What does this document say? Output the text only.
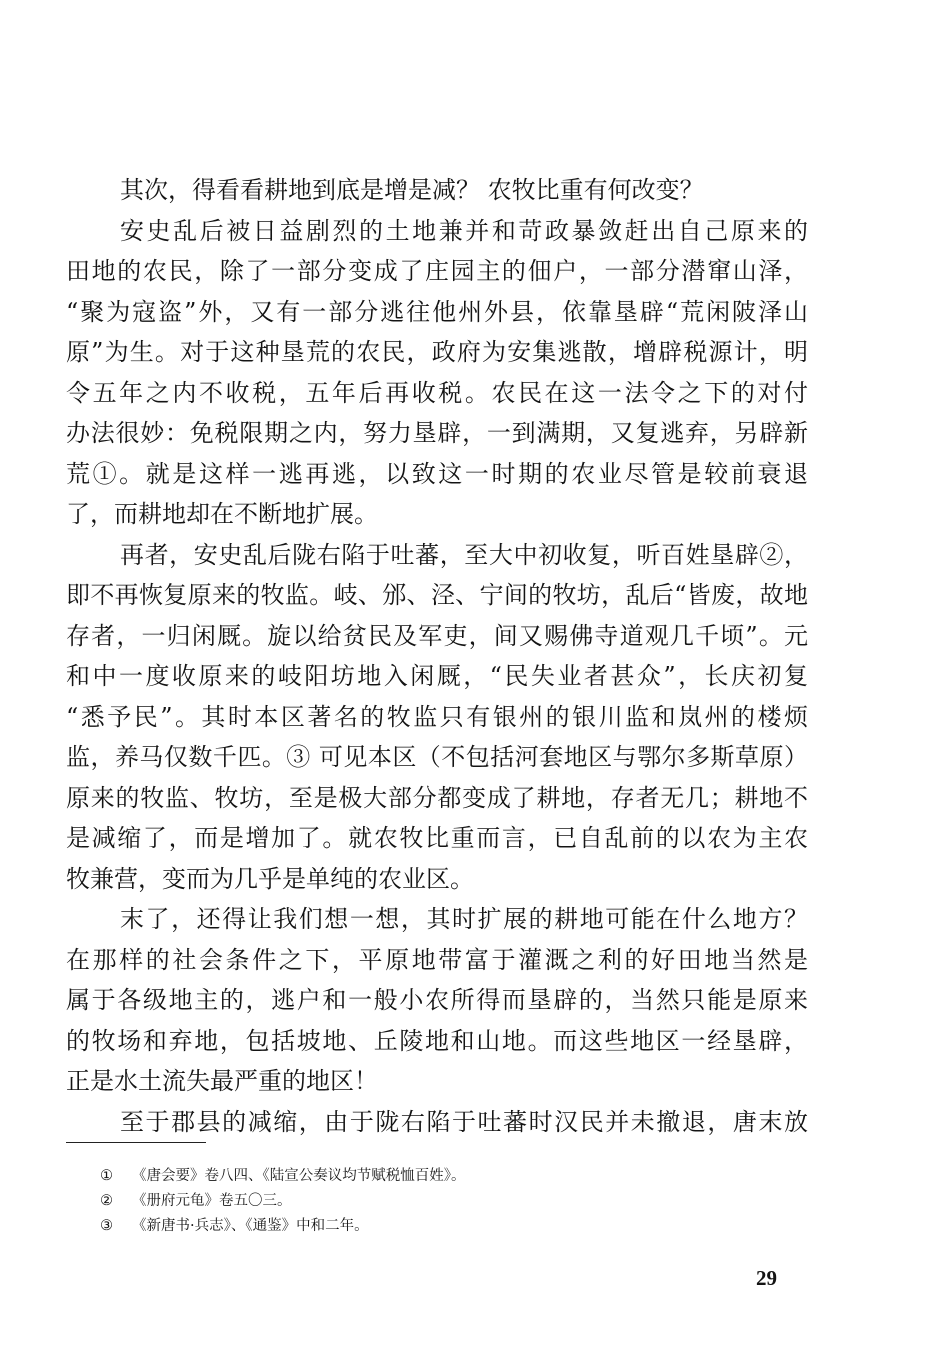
其次，得看看耕地到底是增是减？ 农牧比重有何改变？
安史乱后被日益剧烈的土地兼并和苛政暴敛赶出自己原来的
田地的农民，除了一部分变成了庄园主的佃户，一部分潜窜山泽，
“聚为寇盗”外，又有一部分逃往他州外县，依靠垦辟“荒闲陂泽山
原”为生。对于这种垦荒的农民，政府为安集逃散，增辟税源计，明
令五年之内不收税，五年后再收税。农民在这一法令之下的对付
办法很妙：免税限期之内，努力垦辟，一到满期，又复逃弃，另辟新
荒①。就是这样一逃再逃，以致这一时期的农业尽管是较前衰退
了，而耕地却在不断地扩展。
再者，安史乱后陇右陷于吐蕃，至大中初收复，听百姓垦辟②，
即不再恢复原来的牧监。岐、邠、泾、宁间的牧坊，乱后“皆废，故地
存者，一归闲厩。旋以给贫民及军吏，间又赐佛寺道观几千顷”。元
和中一度收原来的岐阳坊地入闲厩，“民失业者甚众”，长庆初复
“悉予民”。其时本区著名的牧监只有银州的银川监和岚州的楼烦
监，养马仅数千匹。③ 可见本区（不包括河套地区与鄂尔多斯草原）
原来的牧监、牧坊，至是极大部分都变成了耕地，存者无几；耕地不
是减缩了，而是增加了。就农牧比重而言，已自乱前的以农为主农
牧兼营，变而为几乎是单纯的农业区。
末了，还得让我们想一想，其时扩展的耕地可能在什么地方？
在那样的社会条件之下，平原地带富于灌溉之利的好田地当然是
属于各级地主的，逃户和一般小农所得而垦辟的，当然只能是原来
的牧场和弃地，包括坡地、丘陵地和山地。而这些地区一经垦辟，
正是水土流失最严重的地区！
至于郡县的减缩，由于陇右陷于吐蕃时汉民并未撤退，唐末放
① 《唐会要》卷八四、《陆宣公奏议均节赋税恤百姓》。
② 《册府元龟》卷五〇三。
③ 《新唐书·兵志》、《通鉴》中和二年。
29
